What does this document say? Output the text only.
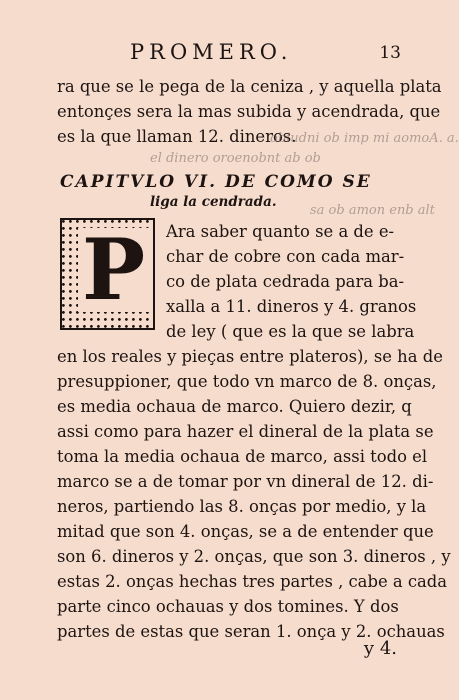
PROMERO.	13
ra que se le pega de la ceniza , y aquella plata
entonçes sera la mas subida y acendrada, que
es la que llaman 12. dineros.
obiudni ob imp mi aomoA. a.
el dinero oroenobnt ab ob
sa ob amon enb alt
CAPITVLO VI. DE COMO SE
liga la cendrada.
P Ara saber quanto se a de e-
char de cobre con cada mar-
co de plata cedrada para ba-
xalla a 11. dineros y 4. granos
de ley ( que es la que se labra
en los reales y pieças entre plateros), se ha de
presuppioner, que todo vn marco de 8. onças,
es media ochaua de marco. Quiero dezir, q
assi como para hazer el dineral de la plata se
toma la media ochaua de marco, assi todo el
marco se a de tomar por vn dineral de 12. di-
neros, partiendo las 8. onças por medio, y la
mitad que son 4. onças, se a de entender que
son 6. dineros y 2. onças, que son 3. dineros , y
estas 2. onças hechas tres partes , cabe a cada
parte cinco ochauas y dos tomines. Y dos
partes de estas que seran 1. onça y 2. ochauas
y 4.
